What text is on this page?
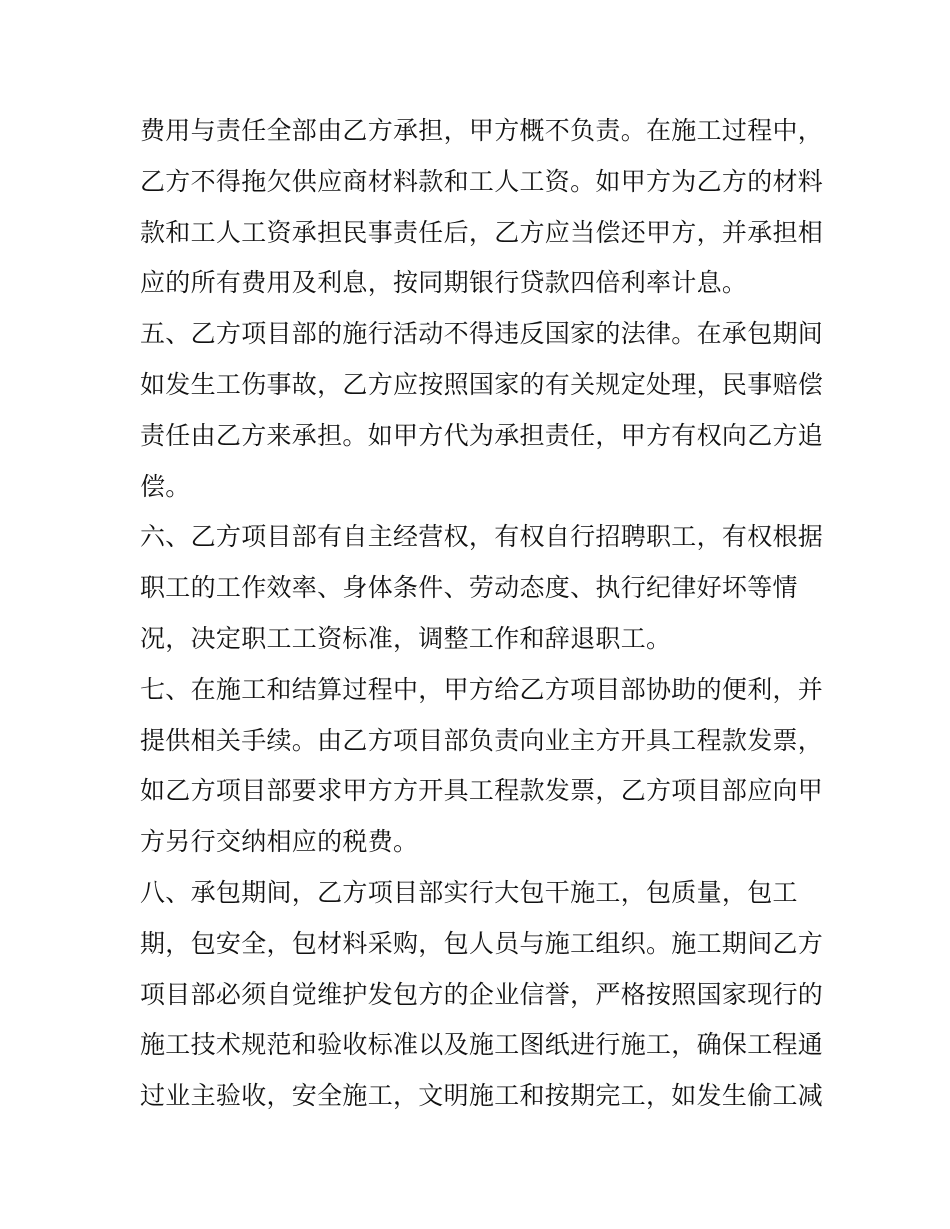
费用与责任全部由乙方承担，甲方概不负责。在施工过程中，
乙方不得拖欠供应商材料款和工人工资。如甲方为乙方的材料
款和工人工资承担民事责任后，乙方应当偿还甲方，并承担相
应的所有费用及利息，按同期银行贷款四倍利率计息。
五、乙方项目部的施行活动不得违反国家的法律。在承包期间
如发生工伤事故，乙方应按照国家的有关规定处理，民事赔偿
责任由乙方来承担。如甲方代为承担责任，甲方有权向乙方追
偿。
六、乙方项目部有自主经营权，有权自行招聘职工，有权根据
职工的工作效率、身体条件、劳动态度、执行纪律好坏等情
况，决定职工工资标准，调整工作和辞退职工。
七、在施工和结算过程中，甲方给乙方项目部协助的便利，并
提供相关手续。由乙方项目部负责向业主方开具工程款发票，
如乙方项目部要求甲方方开具工程款发票，乙方项目部应向甲
方另行交纳相应的税费。
八、承包期间，乙方项目部实行大包干施工，包质量，包工
期，包安全，包材料采购，包人员与施工组织。施工期间乙方
项目部必须自觉维护发包方的企业信誉，严格按照国家现行的
施工技术规范和验收标准以及施工图纸进行施工，确保工程通
过业主验收，安全施工，文明施工和按期完工，如发生偷工减
